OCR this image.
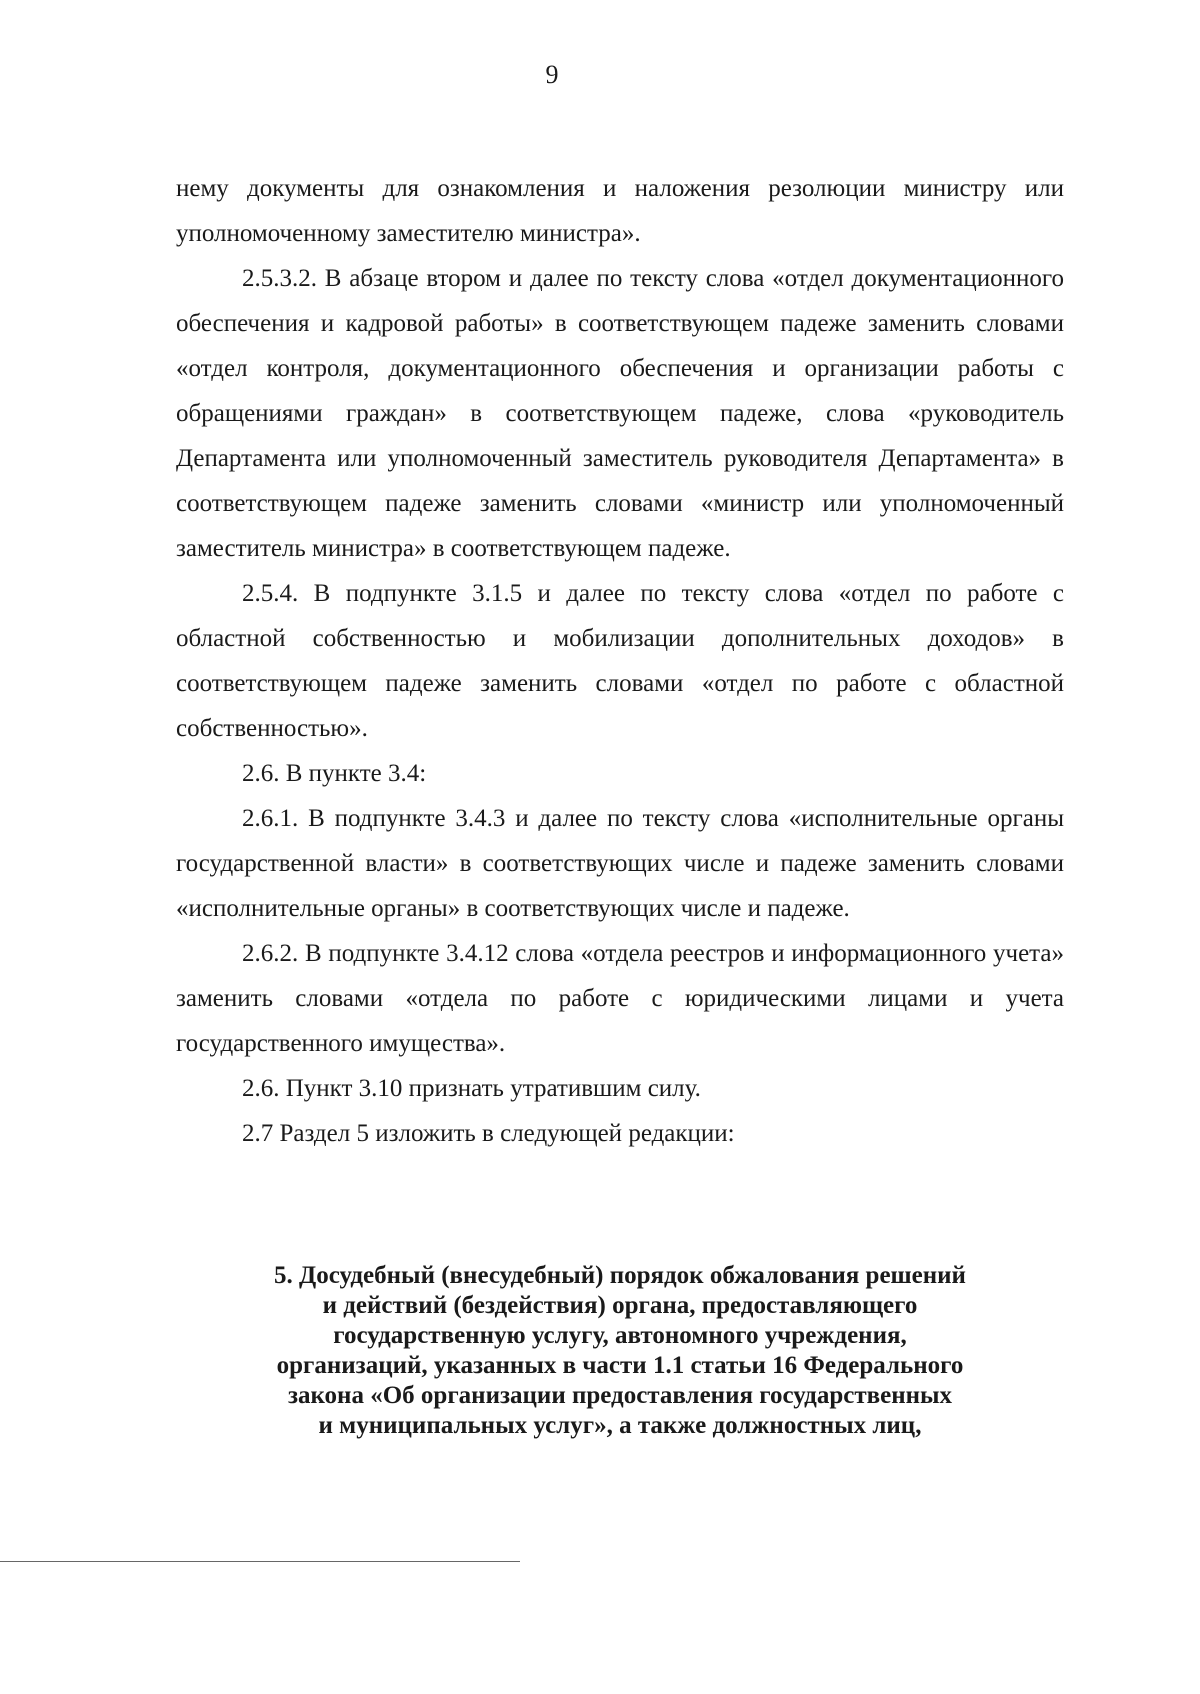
9

нему документы для ознакомления и наложения резолюции министру или уполномоченному заместителю министра».

2.5.3.2. В абзаце втором и далее по тексту слова «отдел документационного обеспечения и кадровой работы» в соответствующем падеже заменить словами «отдел контроля, документационного обеспечения и организации работы с обращениями граждан» в соответствующем падеже, слова «руководитель Департамента или уполномоченный заместитель руководителя Департамента» в соответствующем падеже заменить словами «министр или уполномоченный заместитель министра» в соответствующем падеже.

2.5.4. В подпункте 3.1.5 и далее по тексту слова «отдел по работе с областной собственностью и мобилизации дополнительных доходов» в соответствующем падеже заменить словами «отдел по работе с областной собственностью».

2.6. В пункте 3.4:

2.6.1. В подпункте 3.4.3 и далее по тексту слова «исполнительные органы государственной власти» в соответствующих числе и падеже заменить словами «исполнительные органы» в соответствующих числе и падеже.

2.6.2. В подпункте 3.4.12 слова «отдела реестров и информационного учета» заменить словами «отдела по работе с юридическими лицами и учета государственного имущества».

2.6. Пункт 3.10 признать утратившим силу.

2.7 Раздел 5 изложить в следующей редакции:

5. Досудебный (внесудебный) порядок обжалования решений
и действий (бездействия) органа, предоставляющего
государственную услугу, автономного учреждения,
организаций, указанных в части 1.1 статьи 16 Федерального
закона «Об организации предоставления государственных
и муниципальных услуг», а также должностных лиц,
